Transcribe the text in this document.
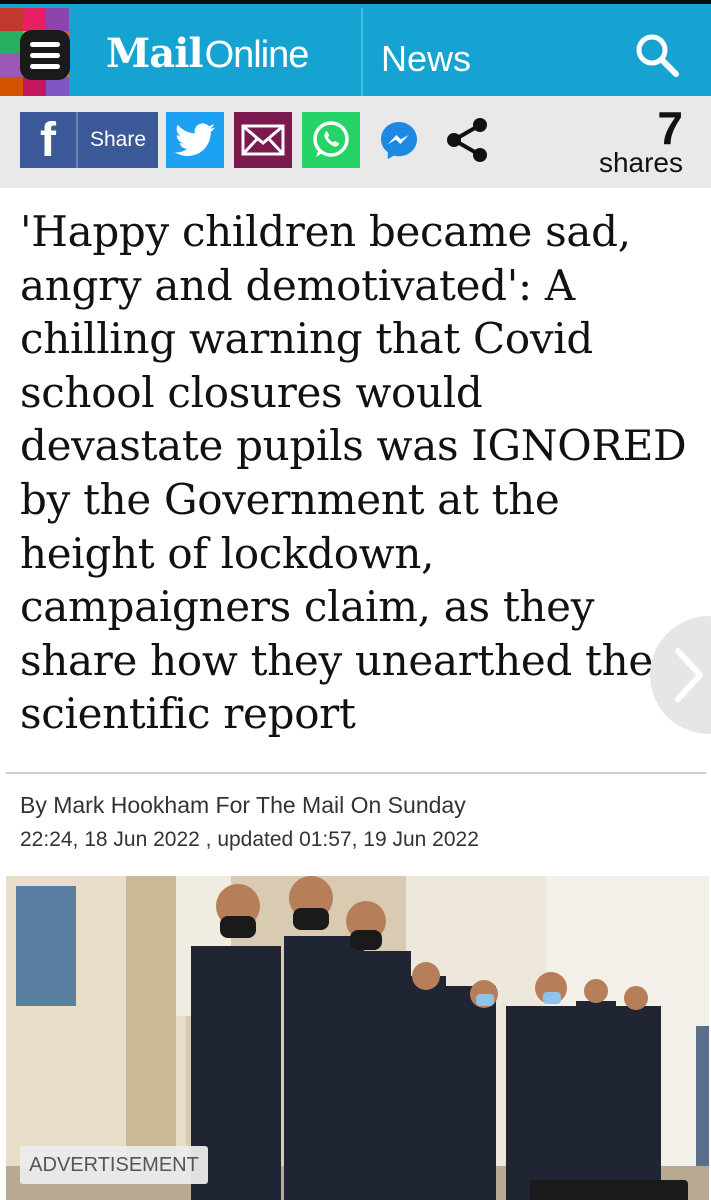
Mail Online News
f	Share	7
shares
'Happy children became sad, angry and demotivated': A chilling warning that Covid school closures would devastate pupils was IGNORED by the Government at the height of lockdown, campaigners claim, as they share how they unearthed the scientific report
By Mark Hookham For The Mail On Sunday
22:24, 18 Jun 2022 , updated 01:57, 19 Jun 2022
ADVERTISEMENT
